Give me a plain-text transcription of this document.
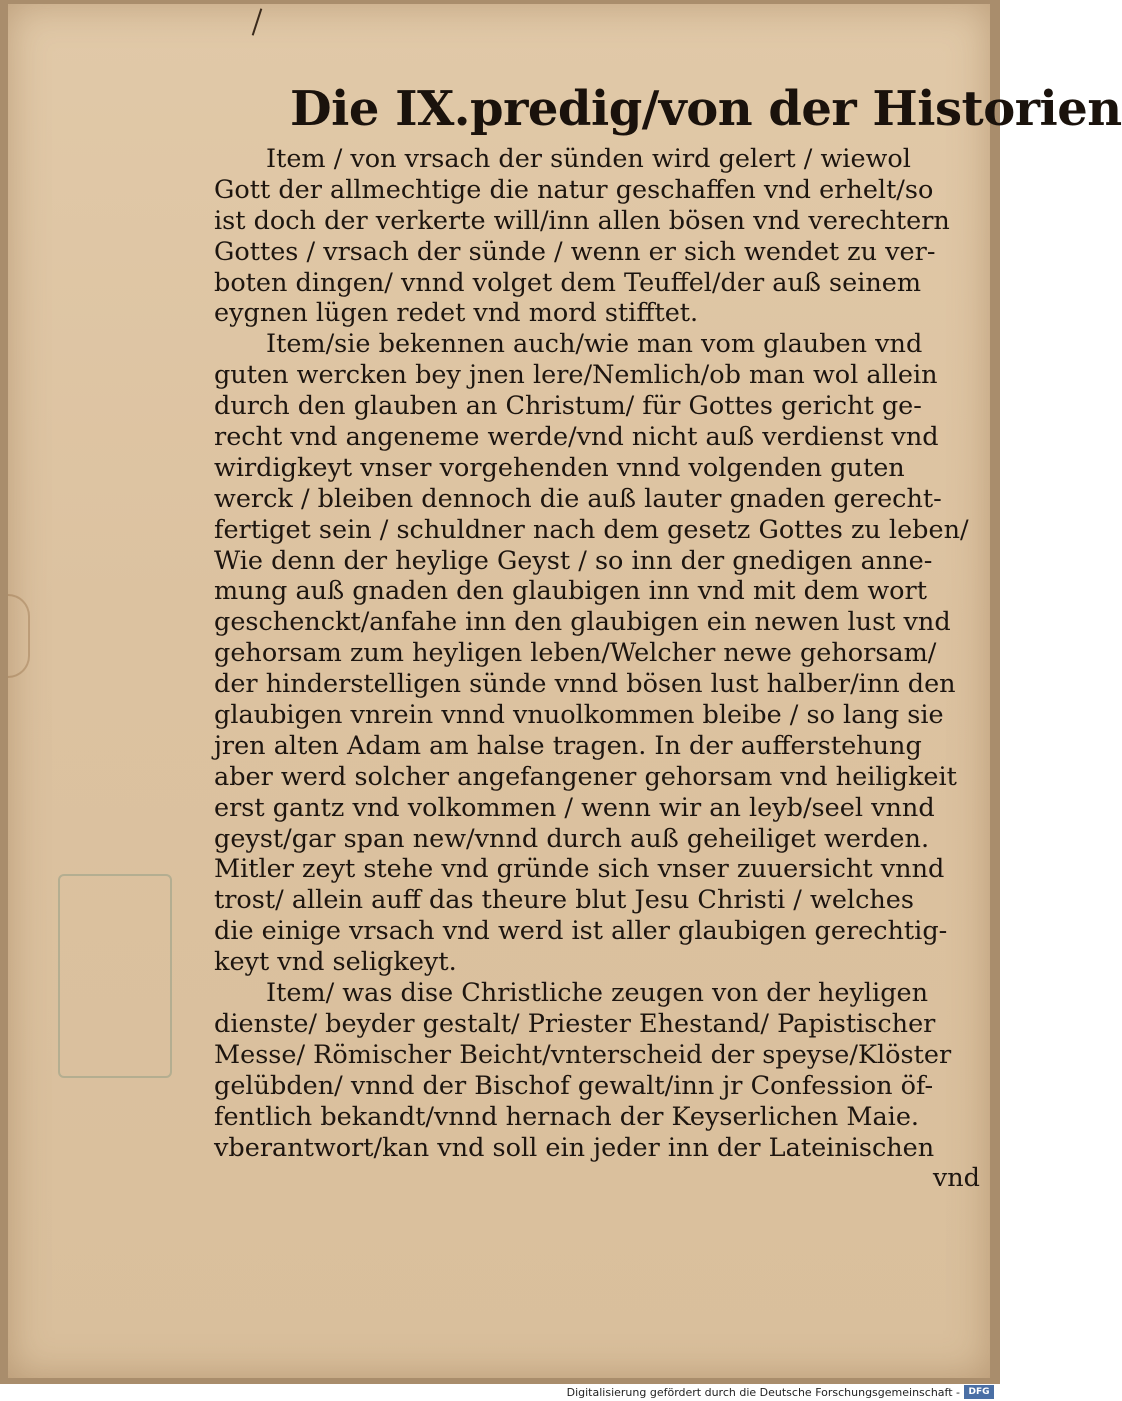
Die IX.predig/von der Historien
Item / von vrsach der sünden wird gelert / wiewol
Gott der allmechtige die natur geschaffen vnd erhelt/so
ist doch der verkerte will/inn allen bösen vnd verechtern
Gottes / vrsach der sünde / wenn er sich wendet zu ver-
boten dingen/ vnnd volget dem Teuffel/der auß seinem
eygnen lügen redet vnd mord stifftet.
Item/sie bekennen auch/wie man vom glauben vnd
guten wercken bey jnen lere/Nemlich/ob man wol allein
durch den glauben an Christum/ für Gottes gericht ge-
recht vnd angeneme werde/vnd nicht auß verdienst vnd
wirdigkeyt vnser vorgehenden vnnd volgenden guten
werck / bleiben dennoch die auß lauter gnaden gerecht-
fertiget sein / schuldner nach dem gesetz Gottes zu leben/
Wie denn der heylige Geyst / so inn der gnedigen anne-
mung auß gnaden den glaubigen inn vnd mit dem wort
geschenckt/anfahe inn den glaubigen ein newen lust vnd
gehorsam zum heyligen leben/Welcher newe gehorsam/
der hinderstelligen sünde vnnd bösen lust halber/inn den
glaubigen vnrein vnnd vnuolkommen bleibe / so lang sie
jren alten Adam am halse tragen. In der aufferstehung
aber werd solcher angefangener gehorsam vnd heiligkeit
erst gantz vnd volkommen / wenn wir an leyb/seel vnnd
geyst/gar span new/vnnd durch auß geheiliget werden.
Mitler zeyt stehe vnd gründe sich vnser zuuersicht vnnd
trost/ allein auff das theure blut Jesu Christi / welches
die einige vrsach vnd werd ist aller glaubigen gerechtig-
keyt vnd seligkeyt.
Item/ was dise Christliche zeugen von der heyligen
dienste/ beyder gestalt/ Priester Ehestand/ Papistischer
Messe/ Römischer Beicht/vnterscheid der speyse/Klöster
gelübden/ vnnd der Bischof gewalt/inn jr Confession öf-
fentlich bekandt/vnnd hernach der Keyserlichen Maie.
vberantwort/kan vnd soll ein jeder inn der Lateinischen
vnd
Digitalisierung gefördert durch die Deutsche Forschungsgemeinschaft - DFG
